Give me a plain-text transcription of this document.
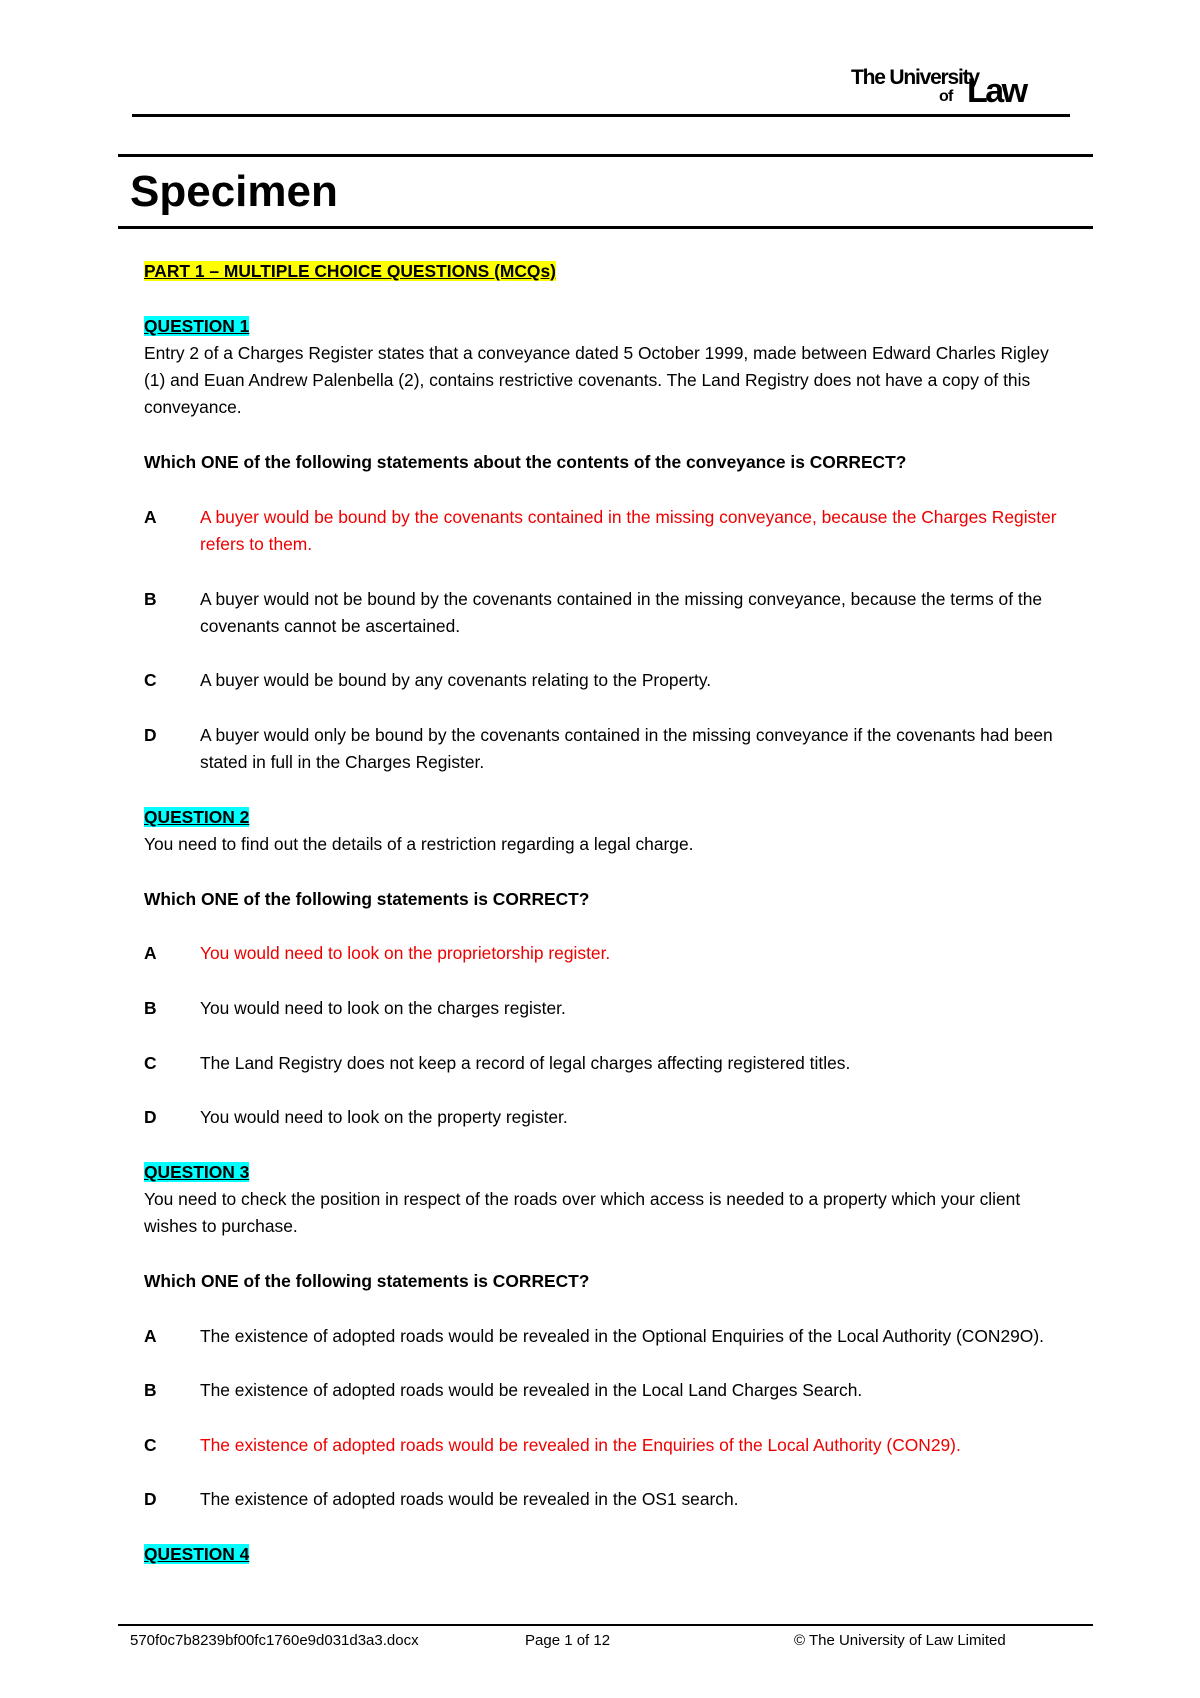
The University
of Law
Specimen

PART 1 – MULTIPLE CHOICE QUESTIONS (MCQs)

QUESTION 1

Entry 2 of a Charges Register states that a conveyance dated 5 October 1999, made between Edward Charles Rigley (1) and Euan Andrew Palenbella (2), contains restrictive covenants. The Land Registry does not have a copy of this conveyance.

Which ONE of the following statements about the contents of the conveyance is CORRECT?

A	A buyer would be bound by the covenants contained in the missing conveyance, because the Charges Register refers to them.
B	A buyer would not be bound by the covenants contained in the missing conveyance, because the terms of the covenants cannot be ascertained.
C	A buyer would be bound by any covenants relating to the Property.
D	A buyer would only be bound by the covenants contained in the missing conveyance if the covenants had been stated in full in the Charges Register.

QUESTION 2

You need to find out the details of a restriction regarding a legal charge.

Which ONE of the following statements is CORRECT?

A	You would need to look on the proprietorship register.
B	You would need to look on the charges register.
C	The Land Registry does not keep a record of legal charges affecting registered titles.
D	You would need to look on the property register.

QUESTION 3

You need to check the position in respect of the roads over which access is needed to a property which your client wishes to purchase.

Which ONE of the following statements is CORRECT?

A	The existence of adopted roads would be revealed in the Optional Enquiries of the Local Authority (CON29O).
B	The existence of adopted roads would be revealed in the Local Land Charges Search.
C	The existence of adopted roads would be revealed in the Enquiries of the Local Authority (CON29).
D	The existence of adopted roads would be revealed in the OS1 search.

QUESTION 4

570f0c7b8239bf00fc1760e9d031d3a3.docx	Page 1 of 12	© The University of Law Limited
